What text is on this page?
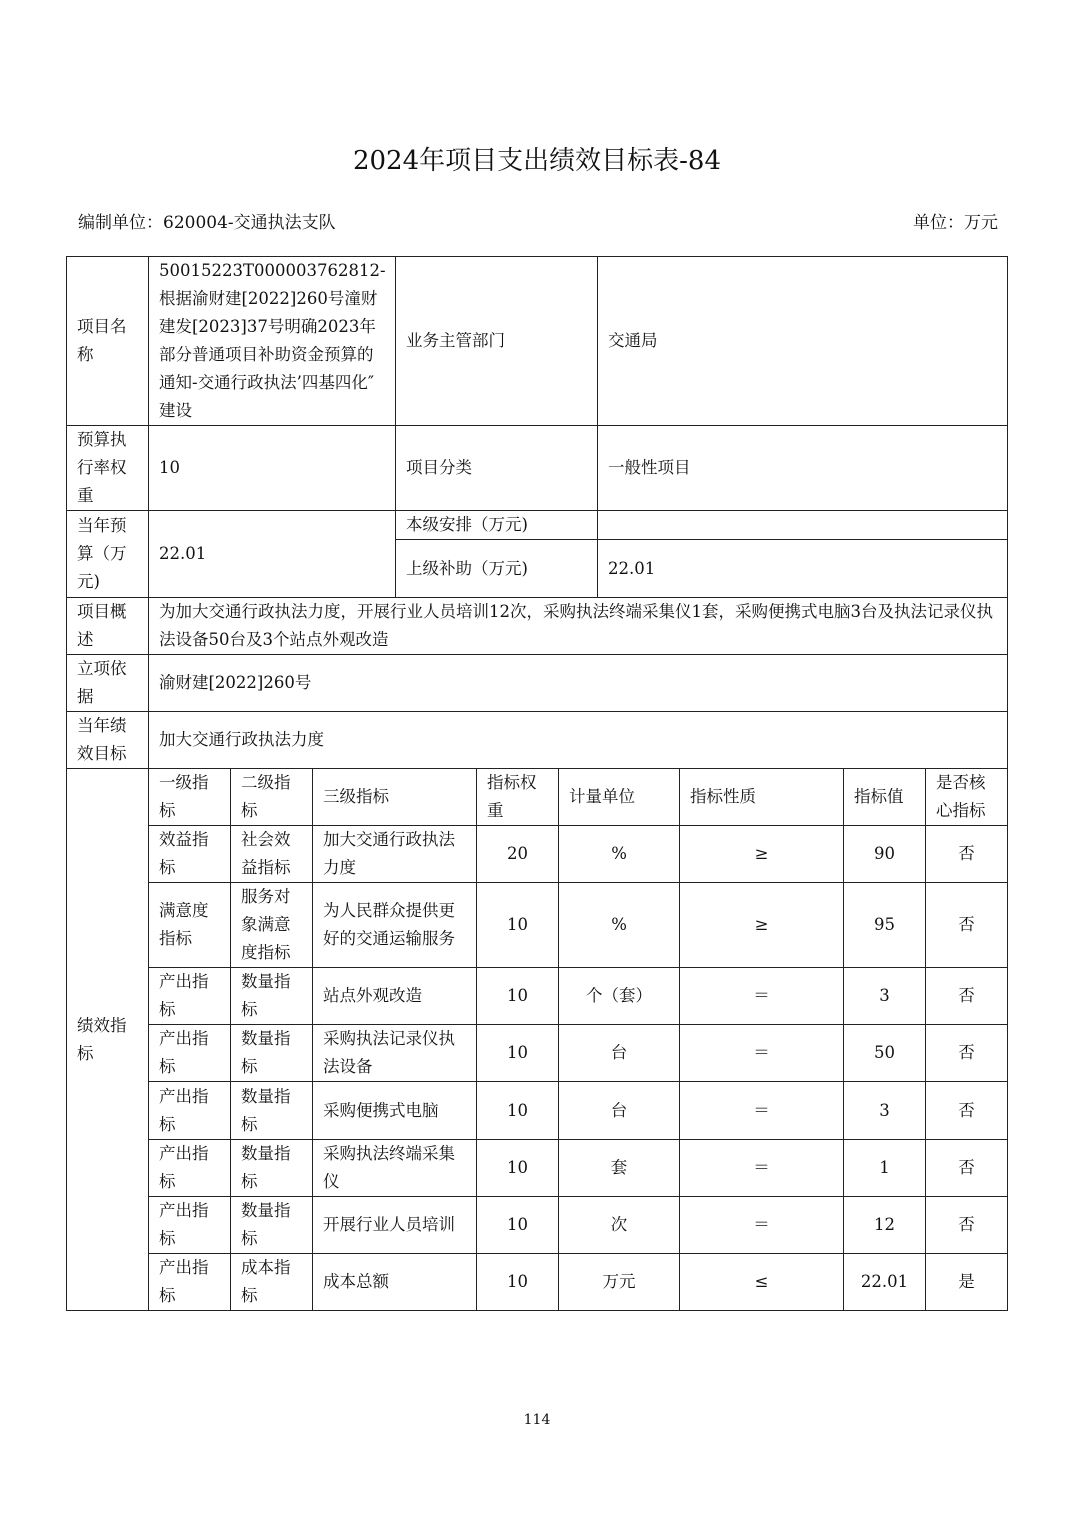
2024年项目支出绩效目标表-84
编制单位：620004-交通执法支队	单位：万元
项目名称	50015223T000003762812-根据渝财建[2022]260号潼财建发[2023]37号明确2023年部分普通项目补助资金预算的通知-交通行政执法’四基四化″建设			业务主管部门			交通局			
预算执行率权重	10			项目分类			一般性项目			
当年预算（万元)	22.01			本级安排（万元)						
				上级补助（万元)			22.01			
项目概述	为加大交通行政执法力度，开展行业人员培训12次，采购执法终端采集仪1套，采购便携式电脑3台及执法记录仪执法设备50台及3个站点外观改造									
立项依据	渝财建[2022]260号									
当年绩效目标	加大交通行政执法力度									
绩效指标	一级指标	二级指标	三级指标		指标权重	计量单位		指标性质	指标值	是否核心指标
	效益指标	社会效益指标	加大交通行政执法力度		20	%		≥	90	否
	满意度指标	服务对象满意度指标	为人民群众提供更好的交通运输服务		10	%		≥	95	否
	产出指标	数量指标	站点外观改造		10	个（套）		＝	3	否
	产出指标	数量指标	采购执法记录仪执法设备		10	台		＝	50	否
	产出指标	数量指标	采购便携式电脑		10	台		＝	3	否
	产出指标	数量指标	采购执法终端采集仪		10	套		＝	1	否
	产出指标	数量指标	开展行业人员培训		10	次		＝	12	否
	产出指标	成本指标	成本总额		10	万元		≤	22.01	是
114
